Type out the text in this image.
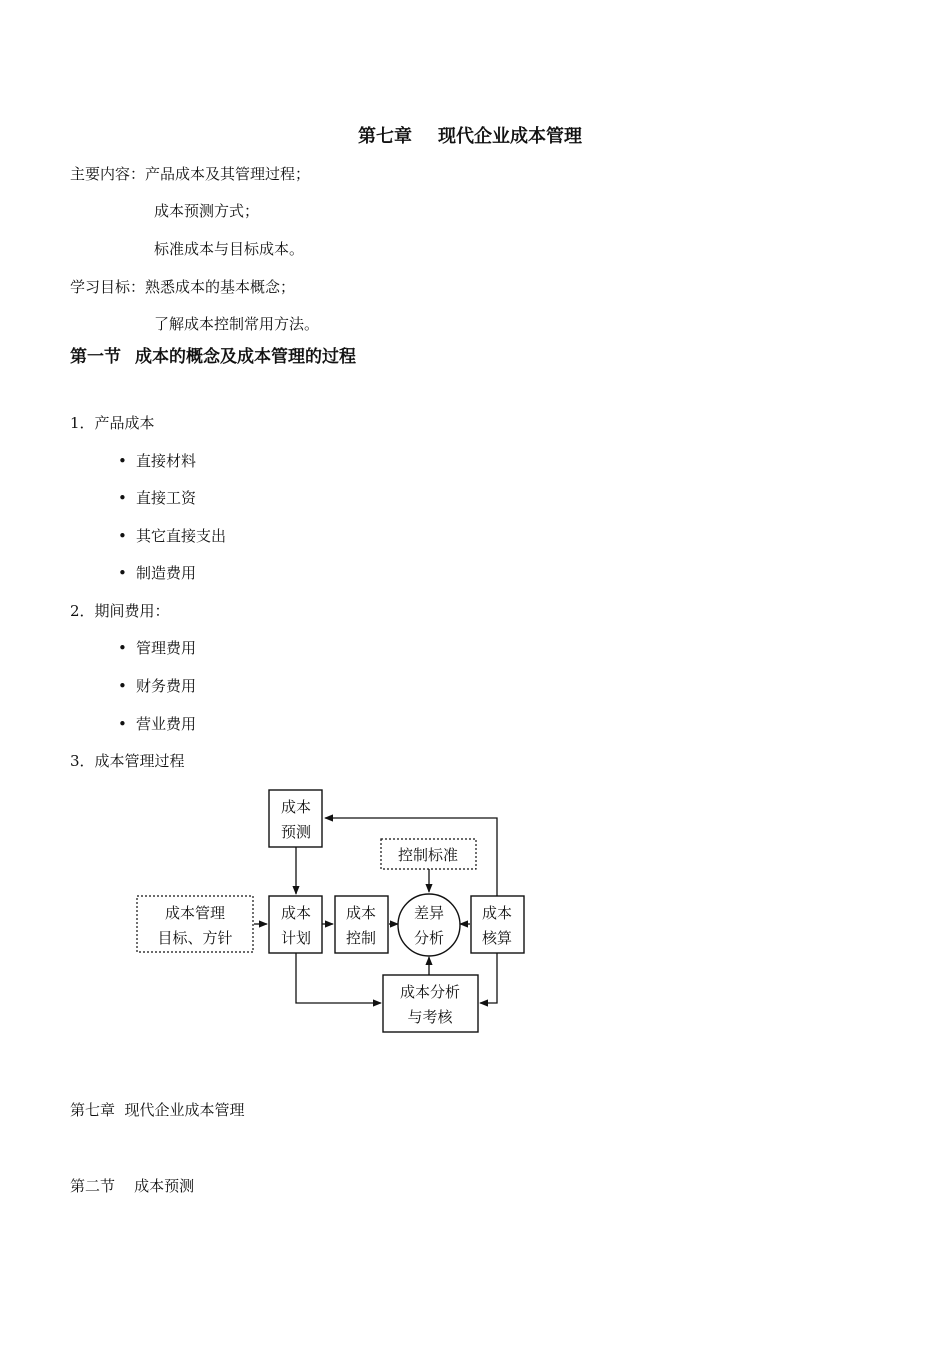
第七章 现代企业成本管理
主要内容：产品成本及其管理过程；
成本预测方式；
标准成本与目标成本。
学习目标：熟悉成本的基本概念；
了解成本控制常用方法。
第一节 成本的概念及成本管理的过程
1．产品成本
• 直接材料
• 直接工资
• 其它直接支出
• 制造费用
2．期间费用：
• 管理费用
• 财务费用
• 营业费用
3．成本管理过程
成本
预测
控制标准
成本管理
目标、方针
成本
计划
成本
控制
差异
分析
成本
核算
成本分析
与考核
第七章  现代企业成本管理
第二节    成本预测
